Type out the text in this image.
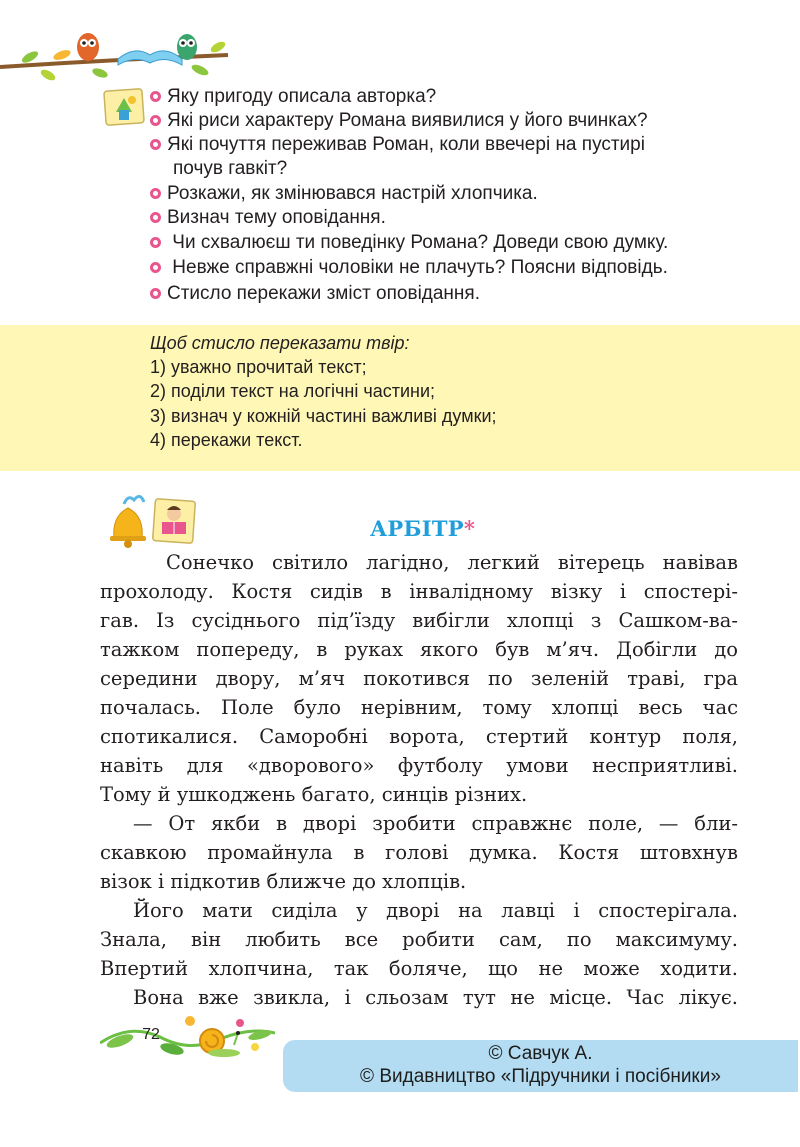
Яку пригоду описала авторка?
Які риси характеру Романа виявилися у його вчинках?
Які почуття переживав Роман, коли ввечері на пустирі
почув гавкіт?
Розкажи, як змінювався настрій хлопчика.
Визнач тему оповідання.
Чи схвалюєш ти поведінку Романа? Доведи свою думку.
Невже справжні чоловіки не плачуть? Поясни відповідь.
Стисло перекажи зміст оповідання.
Щоб стисло переказати твір:
1) уважно прочитай текст;
2) поділи текст на логічні частини;
3) визнач у кожній частині важливі думки;
4) перекажи текст.
АРБІТР*
Сонечко світило лагідно, легкий вітерець навівав
прохолоду. Костя сидів в інвалідному візку і спостері-
гав. Із сусіднього під’їзду вибігли хлопці з Сашком-ва-
тажком попереду, в руках якого був м’яч. Добігли до
середини двору, м’яч покотився по зеленій траві, гра
почалась. Поле було нерівним, тому хлопці весь час
спотикалися. Саморобні ворота, стертий контур поля,
навіть для «дворового» футболу умови несприятливі.
Тому й ушкоджень багато, синців різних.
— От якби в дворі зробити справжнє поле, — бли-
скавкою промайнула в голові думка. Костя штовхнув
візок і підкотив ближче до хлопців.
Його мати сиділа у дворі на лавці і спостерігала.
Знала, він любить все робити сам, по максимуму.
Впертий хлопчина, так боляче, що не може ходити.
Вона вже звикла, і сльозам тут не місце. Час лікує.
72
© Савчук А.
© Видавництво «Підручники і посібники»
